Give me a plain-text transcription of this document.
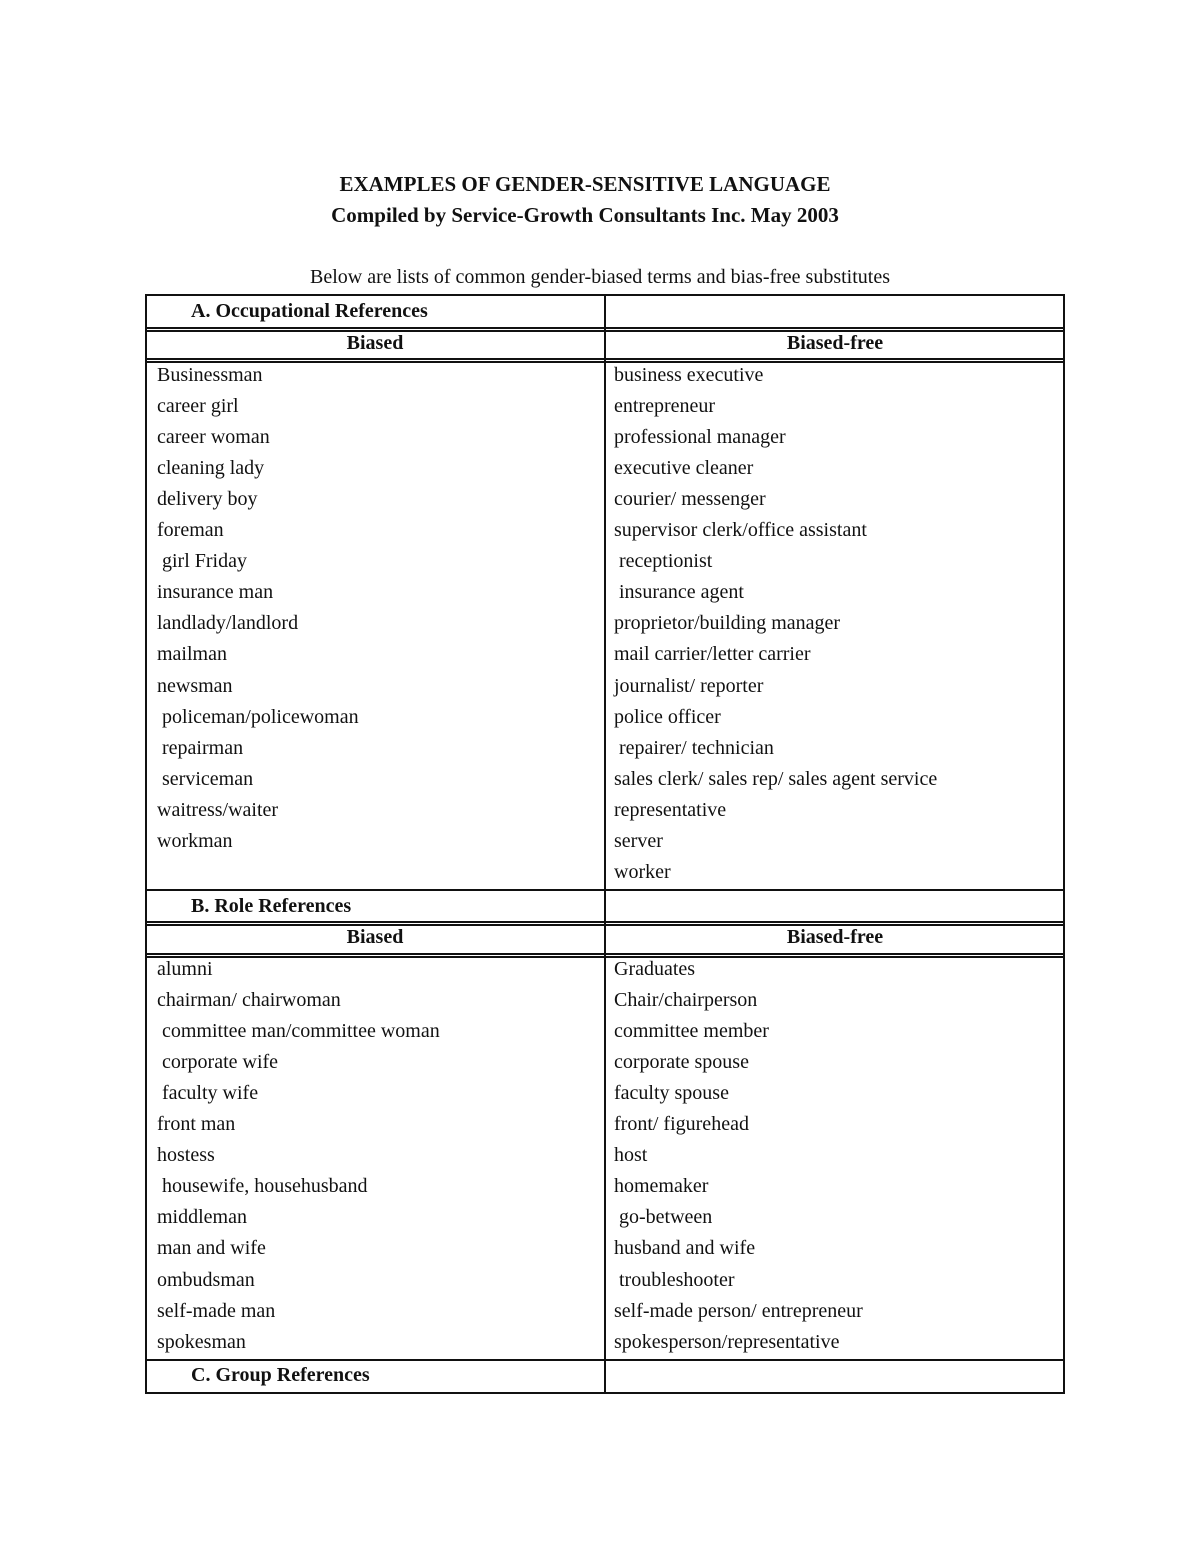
EXAMPLES OF GENDER-SENSITIVE LANGUAGE
Compiled by Service-Growth Consultants Inc. May 2003
Below are lists of common gender-biased terms and bias-free substitutes
A. Occupational References
Biased	Biased-free
Businessman
career girl
career woman
cleaning lady
delivery boy
foreman
girl Friday
insurance man
landlady/landlord
mailman
newsman
policeman/policewoman
repairman
serviceman
waitress/waiter
workman
business executive
entrepreneur
professional manager
executive cleaner
courier/ messenger
supervisor clerk/office assistant
receptionist
insurance agent
proprietor/building manager
mail carrier/letter carrier
journalist/ reporter
police officer
repairer/ technician
sales clerk/ sales rep/ sales agent service
representative
server
worker
B. Role References
Biased	Biased-free
alumni
chairman/ chairwoman
committee man/committee woman
corporate wife
faculty wife
front man
hostess
housewife, househusband
middleman
man and wife
ombudsman
self-made man
spokesman
Graduates
Chair/chairperson
committee member
corporate spouse
faculty spouse
front/ figurehead
host
homemaker
go-between
husband and wife
troubleshooter
self-made person/ entrepreneur
spokesperson/representative
C. Group References
